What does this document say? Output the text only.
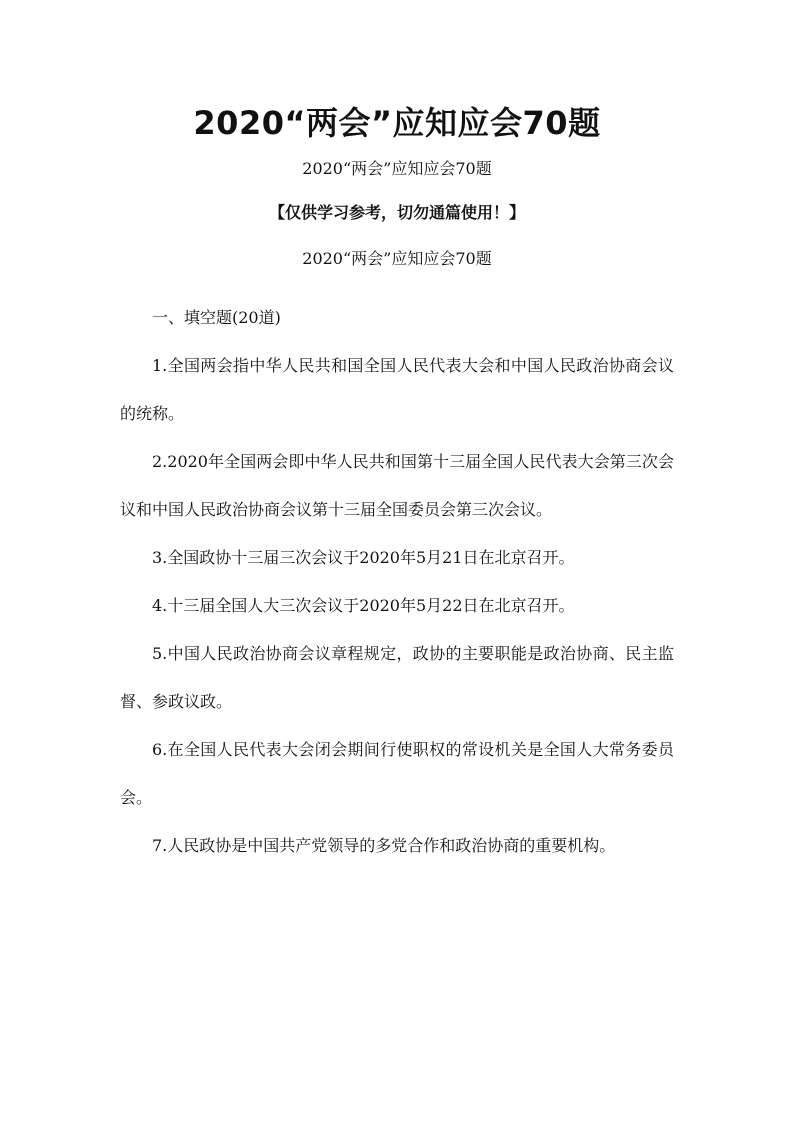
2020“两会”应知应会70题
2020“两会”应知应会70题
【仅供学习参考，切勿通篇使用！】
2020“两会”应知应会70题

一、填空题(20道)

1.全国两会指中华人民共和国全国人民代表大会和中国人民政治协商会议的统称。

2.2020年全国两会即中华人民共和国第十三届全国人民代表大会第三次会议和中国人民政治协商会议第十三届全国委员会第三次会议。

3.全国政协十三届三次会议于2020年5月21日在北京召开。

4.十三届全国人大三次会议于2020年5月22日在北京召开。

5.中国人民政治协商会议章程规定，政协的主要职能是政治协商、民主监督、参政议政。

6.在全国人民代表大会闭会期间行使职权的常设机关是全国人大常务委员会。

7.人民政协是中国共产党领导的多党合作和政治协商的重要机构。
